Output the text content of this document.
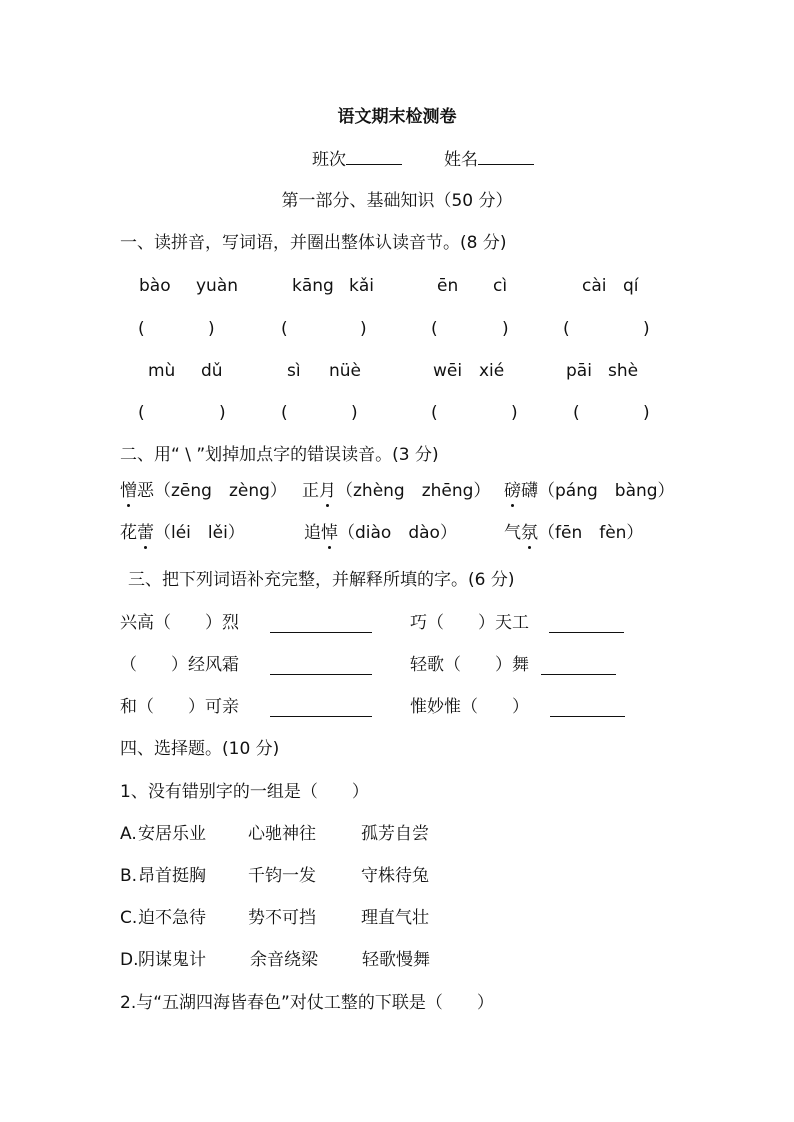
语文期末检测卷
班次	姓名
第一部分、基础知识（50 分）
一、读拼音，写词语，并圈出整体认读音节。(8 分)
bào yuàn	kāng kǎi	ēn cì	cài qí
(	)	(	)	(	)	(	)
mù dǔ	sì nüè	wēi xié	pāi shè
(	)	(	)	(	)	(	)
二、用“ \ ”划掉加点字的错误读音。(3 分)
憎恶（zēng　zèng） 正月（zhèng　zhēng） 磅礴（páng　bàng）
花蕾（léi　lěi）	追悼（diào　dào）	气氛（fēn　fèn）
三、把下列词语补充完整，并解释所填的字。(6 分)
兴高（　　）烈	巧（　　）天工
（　　）经风霜	轻歌（　　）舞
和（　　）可亲	惟妙惟（　　）
四、选择题。(10 分)
1、没有错别字的一组是（　　）
A. 安居乐业 心驰神往	孤芳自尝
B. 昂首挺胸 千钧一发	守株待兔
C. 迫不急待 势不可挡	理直气壮
D. 阴谋鬼计	余音绕梁	轻歌慢舞
2.与“五湖四海皆春色”对仗工整的下联是（　　）
